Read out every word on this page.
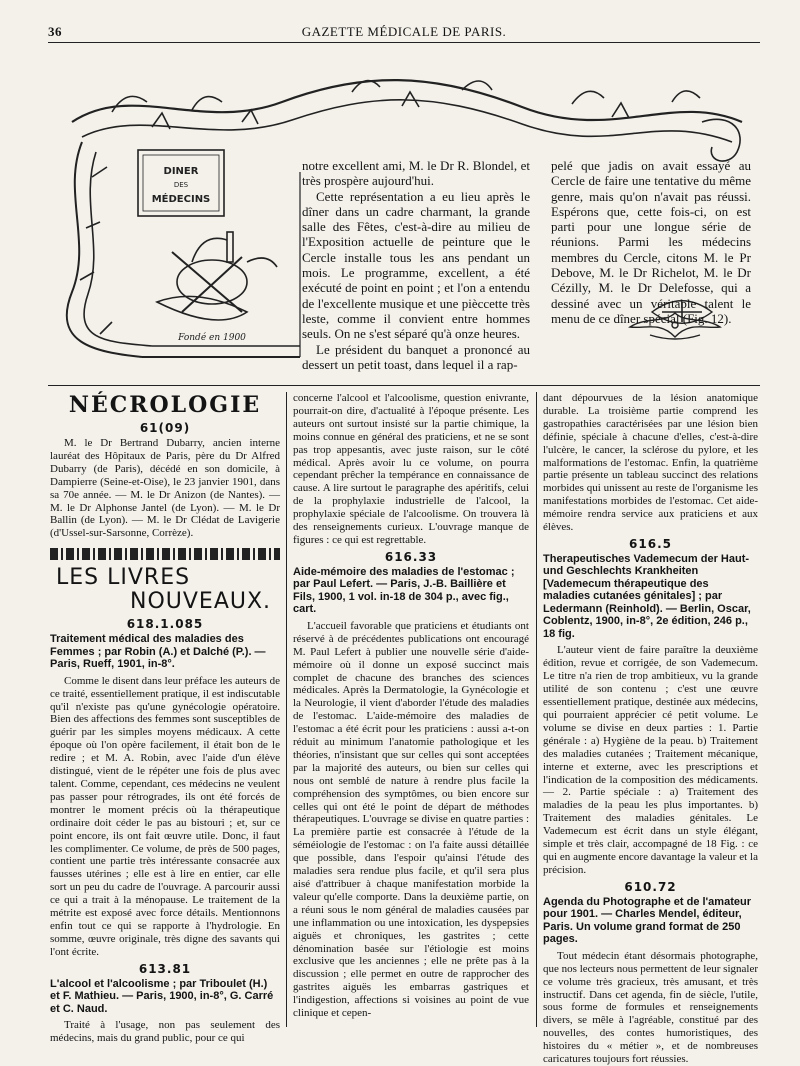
36	GAZETTE MÉDICALE DE PARIS.
DINER
DES
MÉDECINS
Fondé en 1900

notre excellent ami, M. le Dr R. Blondel, et très prospère aujourd'hui.

Cette représentation a eu lieu après le dîner dans un cadre charmant, la grande salle des Fêtes, c'est-à-dire au milieu de l'Exposition actuelle de peinture que le Cercle installe tous les ans pendant un mois. Le programme, excellent, a été exécuté de point en point ; et l'on a entendu de l'excellente musique et une pièccette très leste, comme il convient entre hommes seuls. On ne s'est séparé qu'à onze heures.

Le président du banquet a prononcé au dessert un petit toast, dans lequel il a rap-

pelé que jadis on avait essayé au Cercle de faire une tentative du même genre, mais qu'on n'avait pas réussi. Espérons que, cette fois-ci, on est parti pour une longue série de réunions. Parmi les médecins membres du Cercle, citons M. le Pr Debove, M. le Dr Richelot, M. le Dr Cézilly, M. le Dr Delefosse, qui a dessiné avec un véritable talent le menu de ce dîner spécial (Fig. 12).

NÉCROLOGIE
61(09)

M. le Dr Bertrand Dubarry, ancien interne lauréat des Hôpitaux de Paris, père du Dr Alfred Dubarry (de Paris), décédé en son domicile, à Dampierre (Seine-et-Oise), le 23 janvier 1901, dans sa 70e année. — M. le Dr Anizon (de Nantes). — M. le Dr Alphonse Jantel (de Lyon). — M. le Dr Ballin (de Lyon). — M. le Dr Clédat de Lavigerie (d'Ussel-sur-Sarsonne, Corrèze).

LES LIVRES
NOUVEAUX.
618.1.085
Traitement médical des maladies des Femmes ; par Robin (A.) et Dalché (P.). — Paris, Rueff, 1901, in-8°.

Comme le disent dans leur préface les auteurs de ce traité, essentiellement pratique, il est indiscutable qu'il n'existe pas qu'une gynécologie opératoire. Bien des affections des femmes sont susceptibles de guérir par les simples moyens médicaux. A cette époque où l'on opère facilement, il était bon de le redire ; et M. A. Robin, avec l'aide d'un élève distingué, vient de le répéter une fois de plus avec talent. Comme, cependant, ces médecins ne veulent pas passer pour rétrogrades, ils ont été forcés de montrer le moment précis où la thérapeutique ordinaire doit céder le pas au bistouri ; et, sur ce point encore, ils ont fait œuvre utile. Donc, il faut les complimenter. Ce volume, de près de 500 pages, contient une partie très intéressante consacrée aux fausses utérines ; elle est à lire en entier, car elle sort un peu du cadre de l'ouvrage. A parcourir aussi ce qui a trait à la ménopause. Le traitement de la métrite est exposé avec force détails. Mentionnons enfin tout ce qui se rapporte à l'hydrologie. En somme, œuvre originale, très digne des savants qui l'ont écrite.

613.81
L'alcool et l'alcoolisme ; par Triboulet (H.) et F. Mathieu. — Paris, 1900, in-8°, G. Carré et C. Naud.

Traité à l'usage, non pas seulement des médecins, mais du grand public, pour ce qui

concerne l'alcool et l'alcoolisme, question enivrante, pourrait-on dire, d'actualité à l'époque présente. Les auteurs ont surtout insisté sur la partie chimique, la moins connue en général des praticiens, et ne se sont pas trop appesantis, avec juste raison, sur le côté médical. Après avoir lu ce volume, on pourra cependant prêcher la tempérance en connaissance de cause. A lire surtout le paragraphe des apéritifs, celui de la prophylaxie industrielle de l'alcool, la prophylaxie spéciale de l'alcoolisme. On trouvera là des renseignements curieux. L'ouvrage manque de figures : ce qui est regrettable.

616.33
Aide-mémoire des maladies de l'estomac ; par Paul Lefert. — Paris, J.-B. Baillière et Fils, 1900, 1 vol. in-18 de 304 p., avec fig., cart.

L'accueil favorable que praticiens et étudiants ont réservé à de précédentes publications ont encouragé M. Paul Lefert à publier une nouvelle série d'aide-mémoire où il donne un exposé succinct mais complet de chacune des branches des sciences médicales. Après la Dermatologie, la Gynécologie et la Neurologie, il vient d'aborder l'étude des maladies de l'estomac. L'aide-mémoire des maladies de l'estomac a été écrit pour les praticiens : aussi a-t-on réduit au minimum l'anatomie pathologique et les théories, n'insistant que sur celles qui sont acceptées par la majorité des auteurs, ou bien sur celles qui nous ont semblé de nature à rendre plus facile la compréhension des symptômes, ou bien encore sur celles qui ont été le point de départ de méthodes thérapeutiques. L'ouvrage se divise en quatre parties : La première partie est consacrée à l'étude de la séméiologie de l'estomac : on l'a faite aussi détaillée que possible, dans l'espoir qu'ainsi l'étude des maladies sera rendue plus facile, et qu'il sera plus aisé d'attribuer à chaque manifestation morbide la valeur qu'elle comporte. Dans la deuxième partie, on a réuni sous le nom général de maladies causées par une inflammation ou une intoxication, les dyspepsies aiguës et chroniques, les gastrites ; cette dénomination basée sur l'étiologie est moins exclusive que les anciennes ; elle ne prête pas à la discussion ; elle permet en outre de rapprocher des gastrites aiguës les embarras gastriques et l'indigestion, affections si voisines au point de vue clinique et cepen-

dant dépourvues de la lésion anatomique durable. La troisième partie comprend les gastropathies caractérisées par une lésion bien définie, spéciale à chacune d'elles, c'est-à-dire l'ulcère, le cancer, la sclérose du pylore, et les malformations de l'estomac. Enfin, la quatrième partie présente un tableau succinct des relations morbides qui unissent au reste de l'organisme les manifestations morbides de l'estomac. Cet aide-mémoire rendra service aux praticiens et aux élèves.

616.5
Therapeutisches Vademecum der Haut- und Geschlechts Krankheiten [Vademecum thérapeutique des maladies cutanées génitales] ; par Ledermann (Reinhold). — Berlin, Oscar, Coblentz, 1900, in-8°, 2e édition, 246 p., 18 fig.

L'auteur vient de faire paraître la deuxième édition, revue et corrigée, de son Vademecum. Le titre n'a rien de trop ambitieux, vu la grande utilité de son contenu ; c'est une œuvre essentiellement pratique, destinée aux médecins, qui pourraient apprécier cé petit volume. Le volume se divise en deux parties : 1. Partie générale : a) Hygiène de la peau. b) Traitement des maladies cutanées ; Traitement mécanique, interne et externe, avec les prescriptions et l'indication de la composition des médicaments. — 2. Partie spéciale : a) Traitement des maladies de la peau les plus importantes. b) Traitement des maladies génitales. Le Vademecum est écrit dans un style élégant, simple et très clair, accompagné de 18 Fig. : ce qui en augmente encore davantage la valeur et la précision.

610.72
Agenda du Photographe et de l'amateur pour 1901. — Charles Mendel, éditeur, Paris. Un volume grand format de 250 pages.

Tout médecin étant désormais photographe, que nos lecteurs nous permettent de leur signaler ce volume très gracieux, très amusant, et très instructif. Dans cet agenda, fin de siècle, l'utile, sous forme de formules et renseignements divers, se mêle à l'agréable, constitué par des nouvelles, des contes humoristiques, des histoires du « métier », et de nombreuses caricatures toujours fort réussies.
